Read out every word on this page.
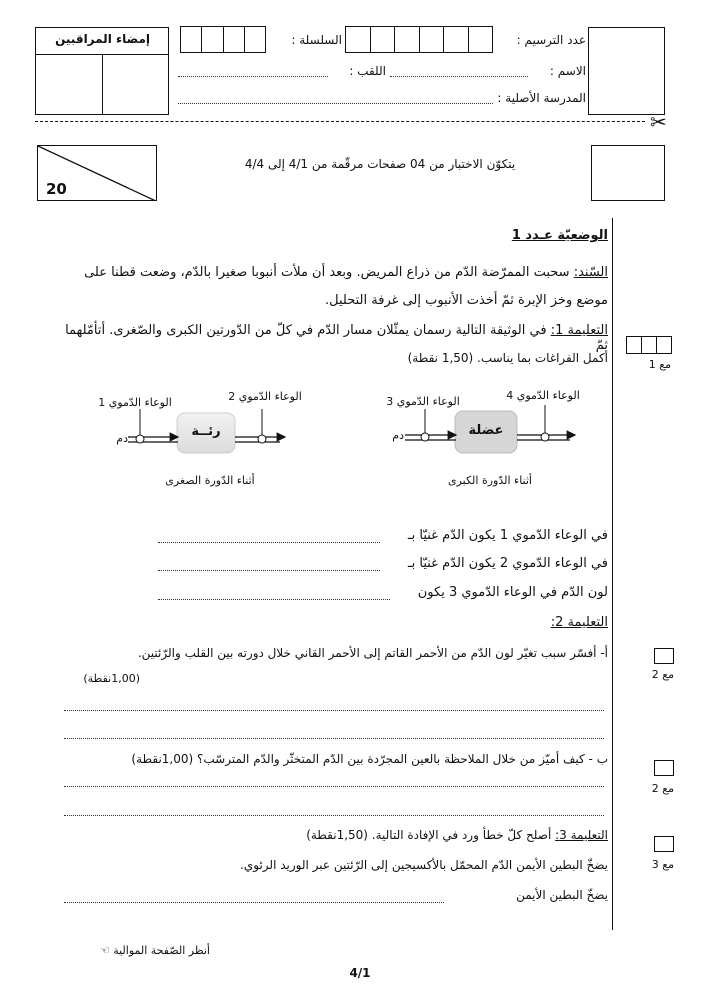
عدد الترسيم :
السلسلة :
إمضاء المراقبين
الاسم :
اللقب :
المدرسة الأصلية :
✂
20
يتكوّن الاختبار من 04 صفحات مرقّمة من 4/1 إلى 4/4
الوضعيّة عـدد 1
السّند: سحبت الممرّضة الدّم من ذراع المريض. وبعد أن ملأت أنبوبا صغيرا بالدّم، وضعت قطنا على
موضع وخز الإبرة ثمّ أخذت الأنبوب إلى غرفة التحليل.
التعليمة 1: في الوثيقة التالية رسمان يمثّلان مسار الدّم في كلّ من الدّورتين الكبرى والصّغرى. أتأمّلهما ثمّ
أكمل الفراغات بما يناسب. (1,50 نقطة)	مع 1
الوعاء الدّموي 1	الوعاء الدّموي 2
رئــة
دم
أثناء الدّورة الصغرى
الوعاء الدّموي 3	الوعاء الدّموي 4
عضلة
دم
أثناء الدّورة الكبرى
في الوعاء الدّموي 1 يكون الدّم غنيّا بـ
في الوعاء الدّموي 2 يكون الدّم غنيّا بـ
لون الدّم في الوعاء الدّموي 3 يكون
التعليمة 2:
أ- أفسّر سبب تغيّر لون الدّم من الأحمر القاتم إلى الأحمر القاني خلال دورته بين القلب والرّئتين.
(1,00نقطة)	مع 2
ب - كيف أميّز من خلال الملاحظة بالعين المجرّدة بين الدّم المتخثّر والدّم المترسّب؟ (1,00نقطة)
مع 2
التعليمة 3: أصلح كلّ خطأ ورد في الإفادة التالية. (1,50نقطة)
يضخّ البطين الأيمن الدّم المحمّل بالأكسيجين إلى الرّئتين عبر الوريد الرئوي.
يضخّ البطين الأيمن
مع 3
أنظر الصّفحة الموالية ☜
4/1
